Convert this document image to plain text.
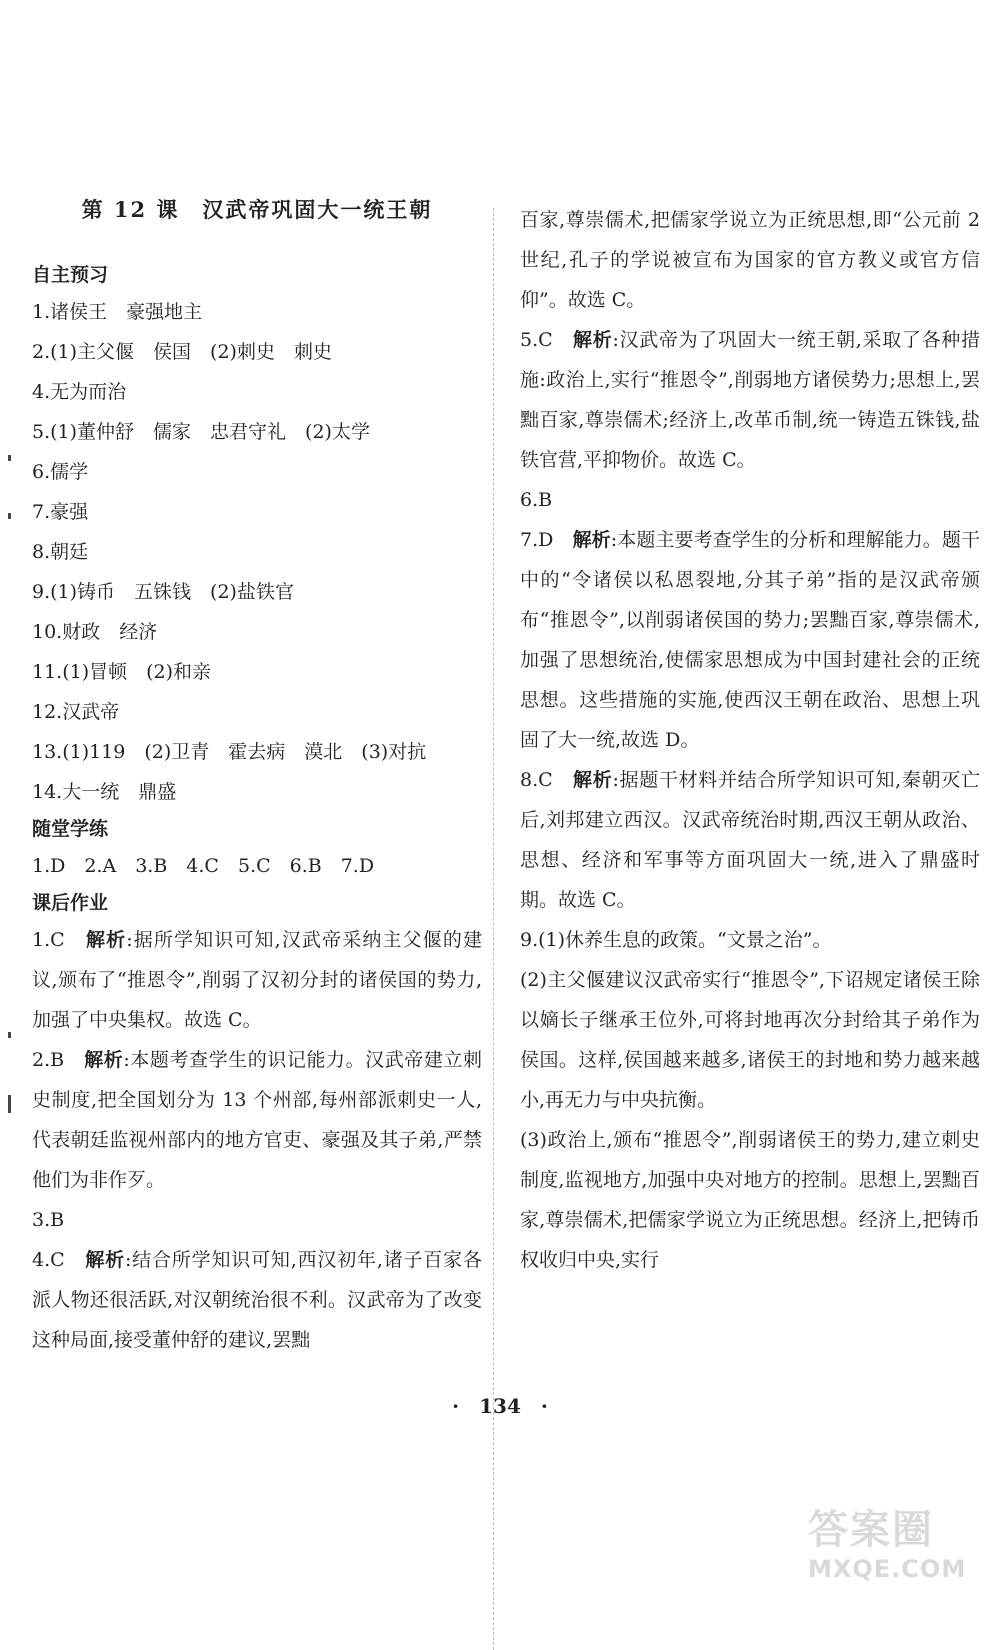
第 12 课　汉武帝巩固大一统王朝
自主预习
1.诸侯王　豪强地主
2.(1)主父偃　侯国　(2)刺史　刺史
4.无为而治
5.(1)董仲舒　儒家　忠君守礼　(2)太学
6.儒学
7.豪强
8.朝廷
9.(1)铸币　五铢钱　(2)盐铁官
10.财政　经济
11.(1)冒顿　(2)和亲
12.汉武帝
13.(1)119　(2)卫青　霍去病　漠北　(3)对抗
14.大一统　鼎盛
随堂学练
1.D　2.A　3.B　4.C　5.C　6.B　7.D
课后作业
1.C　解析:据所学知识可知,汉武帝采纳主父偃的建议,颁布了“推恩令”,削弱了汉初分封的诸侯国的势力,加强了中央集权。故选 C。
2.B　解析:本题考查学生的识记能力。汉武帝建立刺史制度,把全国划分为 13 个州部,每州部派刺史一人,代表朝廷监视州部内的地方官吏、豪强及其子弟,严禁他们为非作歹。
3.B
4.C　解析:结合所学知识可知,西汉初年,诸子百家各派人物还很活跃,对汉朝统治很不利。汉武帝为了改变这种局面,接受董仲舒的建议,罢黜
百家,尊崇儒术,把儒家学说立为正统思想,即“公元前 2 世纪,孔子的学说被宣布为国家的官方教义或官方信仰”。故选 C。
5.C　解析:汉武帝为了巩固大一统王朝,采取了各种措施:政治上,实行“推恩令”,削弱地方诸侯势力;思想上,罢黜百家,尊崇儒术;经济上,改革币制,统一铸造五铢钱,盐铁官营,平抑物价。故选 C。
6.B
7.D　解析:本题主要考查学生的分析和理解能力。题干中的“令诸侯以私恩裂地,分其子弟”指的是汉武帝颁布“推恩令”,以削弱诸侯国的势力;罢黜百家,尊崇儒术,加强了思想统治,使儒家思想成为中国封建社会的正统思想。这些措施的实施,使西汉王朝在政治、思想上巩固了大一统,故选 D。
8.C　解析:据题干材料并结合所学知识可知,秦朝灭亡后,刘邦建立西汉。汉武帝统治时期,西汉王朝从政治、思想、经济和军事等方面巩固大一统,进入了鼎盛时期。故选 C。
9.(1)休养生息的政策。“文景之治”。
(2)主父偃建议汉武帝实行“推恩令”,下诏规定诸侯王除以嫡长子继承王位外,可将封地再次分封给其子弟作为侯国。这样,侯国越来越多,诸侯王的封地和势力越来越小,再无力与中央抗衡。
(3)政治上,颁布“推恩令”,削弱诸侯王的势力,建立刺史制度,监视地方,加强中央对地方的控制。思想上,罢黜百家,尊崇儒术,把儒家学说立为正统思想。经济上,把铸币权收归中央,实行
·　134　·
答案圈
MXQE.COM
